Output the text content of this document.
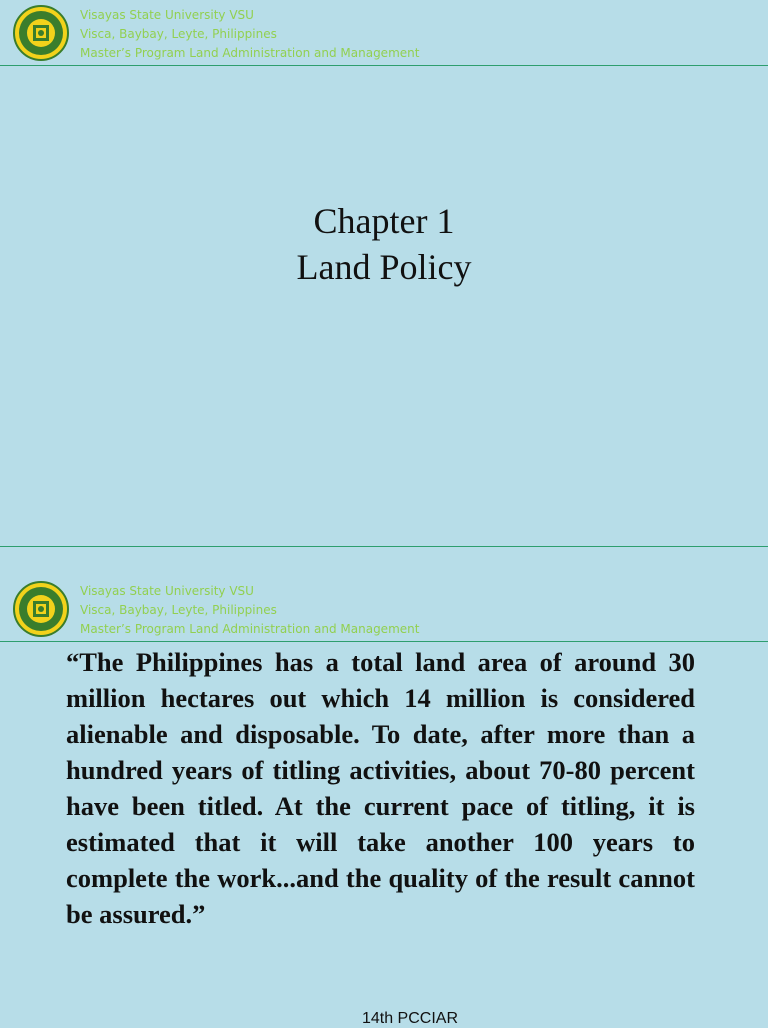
Visayas State University VSU
Visca, Baybay, Leyte, Philippines
Master’s Program Land Administration and Management
Chapter 1
Land Policy
Visayas State University VSU
Visca, Baybay, Leyte, Philippines
Master’s Program Land Administration and Management

“The Philippines has a total land area of around 30 million hectares out which 14 million is considered alienable and disposable. To date, after more than a hundred years of titling activities, about 70-80 percent have been titled. At the current pace of titling, it is estimated that it will take another 100 years to complete the work...and the quality of the result cannot be assured.”

14th PCCIAR
